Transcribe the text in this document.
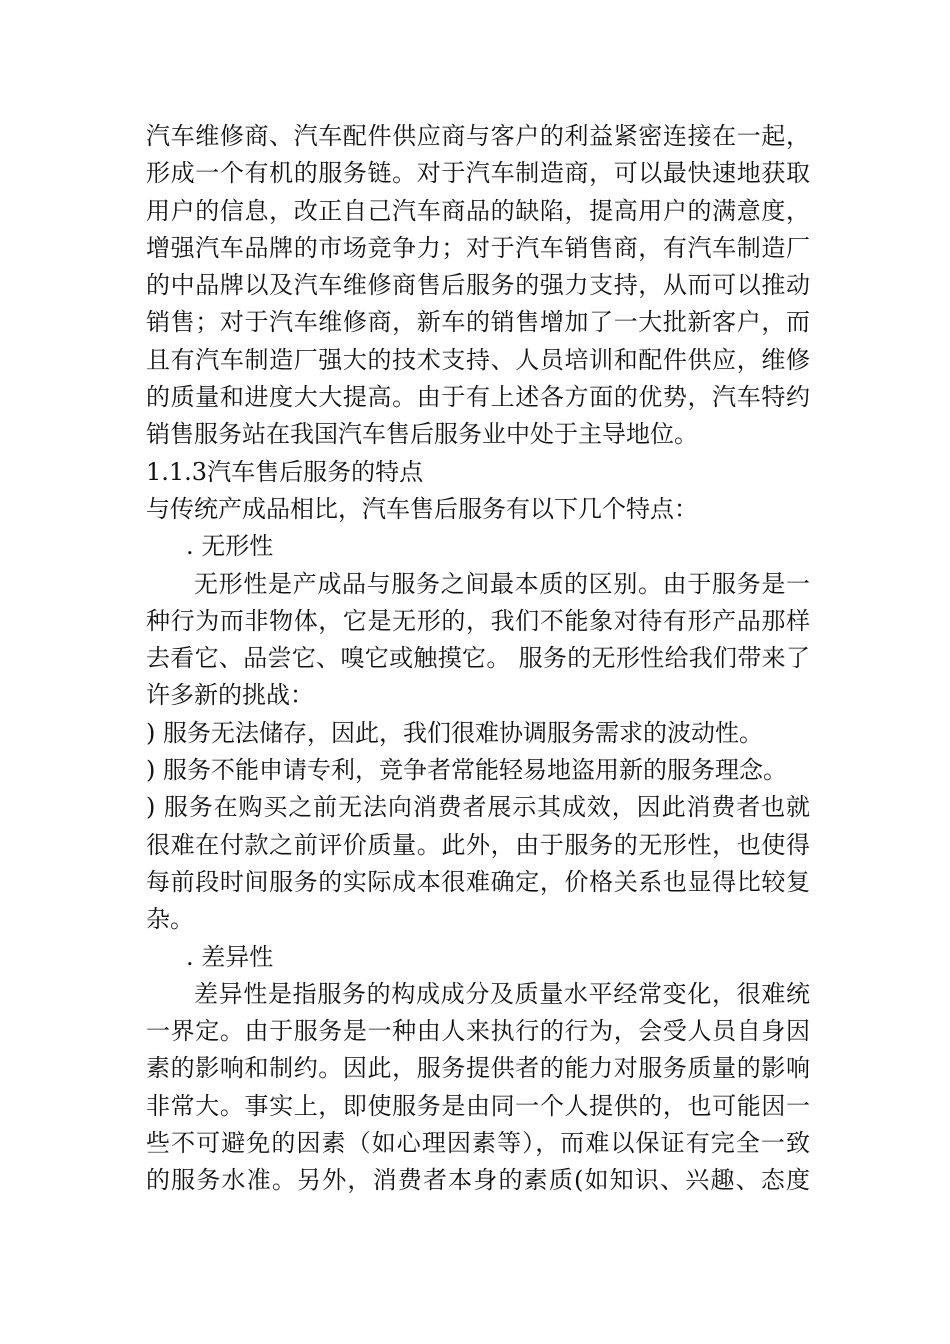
汽车维修商、汽车配件供应商与客户的利益紧密连接在一起，
形成一个有机的服务链。对于汽车制造商，可以最快速地获取
用户的信息，改正自己汽车商品的缺陷，提高用户的满意度，
增强汽车品牌的市场竞争力；对于汽车销售商，有汽车制造厂
的中品牌以及汽车维修商售后服务的强力支持，从而可以推动
销售；对于汽车维修商，新车的销售增加了一大批新客户，而
且有汽车制造厂强大的技术支持、人员培训和配件供应，维修
的质量和进度大大提高。由于有上述各方面的优势，汽车特约
销售服务站在我国汽车售后服务业中处于主导地位。
1.1.3汽车售后服务的特点
与传统产成品相比，汽车售后服务有以下几个特点：
. 无形性
无形性是产成品与服务之间最本质的区别。由于服务是一
种行为而非物体，它是无形的，我们不能象对待有形产品那样
去看它、品尝它、嗅它或触摸它。 服务的无形性给我们带来了
许多新的挑战：
) 服务无法储存，因此，我们很难协调服务需求的波动性。
) 服务不能申请专利，竞争者常能轻易地盗用新的服务理念。
) 服务在购买之前无法向消费者展示其成效，因此消费者也就
很难在付款之前评价质量。此外，由于服务的无形性，也使得
每前段时间服务的实际成本很难确定，价格关系也显得比较复
杂。
. 差异性
差异性是指服务的构成成分及质量水平经常变化，很难统
一界定。由于服务是一种由人来执行的行为，会受人员自身因
素的影响和制约。因此，服务提供者的能力对服务质量的影响
非常大。事实上，即使服务是由同一个人提供的，也可能因一
些不可避免的因素（如心理因素等），而难以保证有完全一致
的服务水准。另外，消费者本身的素质(如知识、兴趣、态度
